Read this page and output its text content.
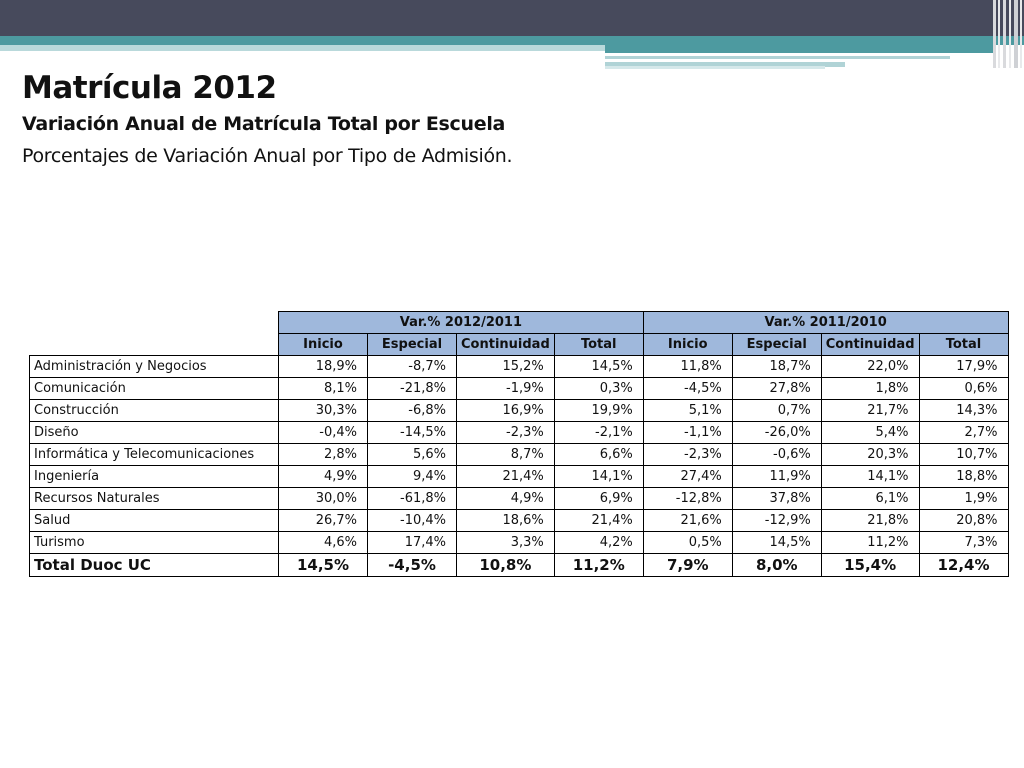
Matrícula 2012
Variación Anual de Matrícula Total por Escuela
Porcentajes de Variación Anual por Tipo de Admisión.
	Var.% 2012/2011				Var.% 2011/2010			
	Inicio	Especial	Continuidad	Total	Inicio	Especial	Continuidad	Total
Administración y Negocios	18,9%	-8,7%	15,2%	14,5%	11,8%	18,7%	22,0%	17,9%
Comunicación	8,1%	-21,8%	-1,9%	0,3%	-4,5%	27,8%	1,8%	0,6%
Construcción	30,3%	-6,8%	16,9%	19,9%	5,1%	0,7%	21,7%	14,3%
Diseño	-0,4%	-14,5%	-2,3%	-2,1%	-1,1%	-26,0%	5,4%	2,7%
Informática y Telecomunicaciones	2,8%	5,6%	8,7%	6,6%	-2,3%	-0,6%	20,3%	10,7%
Ingeniería	4,9%	9,4%	21,4%	14,1%	27,4%	11,9%	14,1%	18,8%
Recursos Naturales	30,0%	-61,8%	4,9%	6,9%	-12,8%	37,8%	6,1%	1,9%
Salud	26,7%	-10,4%	18,6%	21,4%	21,6%	-12,9%	21,8%	20,8%
Turismo	4,6%	17,4%	3,3%	4,2%	0,5%	14,5%	11,2%	7,3%
Total Duoc UC	14,5%	-4,5%	10,8%	11,2%	7,9%	8,0%	15,4%	12,4%
